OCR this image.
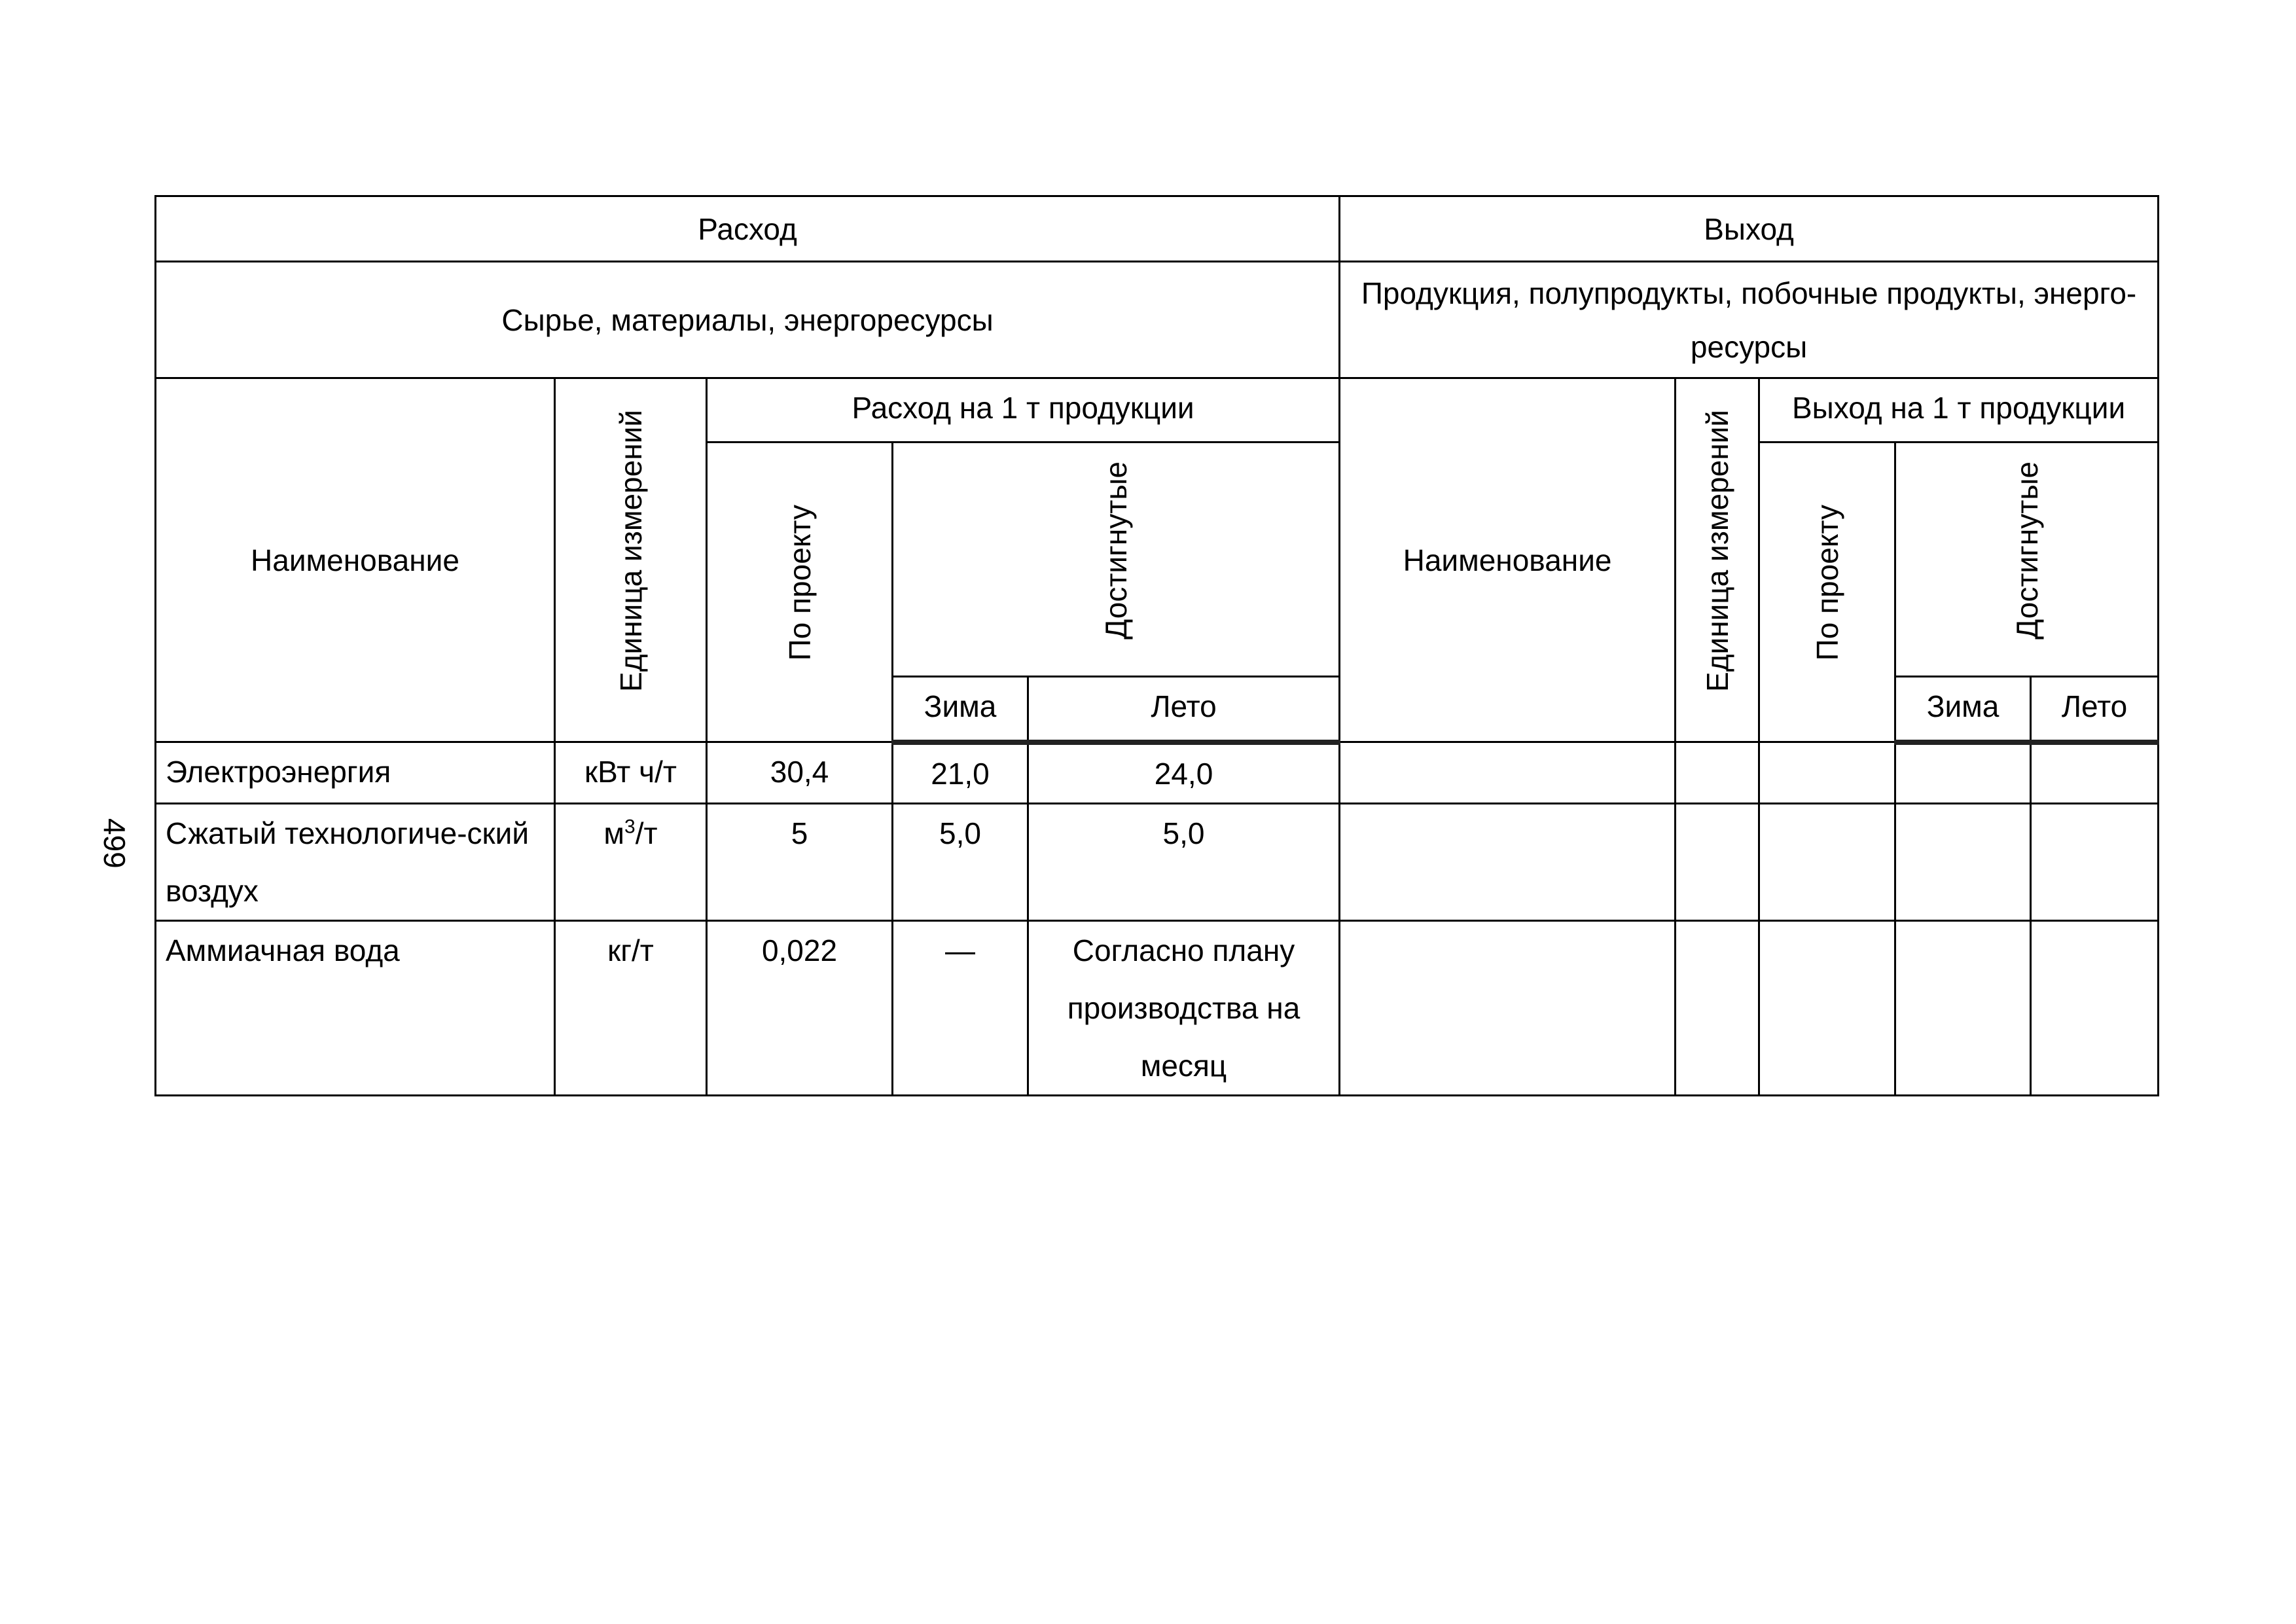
499
Расход					Выход				
Сырье, материалы, энергоресурсы					Продукция, полупродукты, побочные продукты, энерго-ресурсы				
Наименование	Единица измерений	Расход на 1 т продукции			Наименование	Единица измерений	Выход на 1 т продукции		
		По проекту	Достигнутые				По проекту	Достигнутые	
			Зима	Лето				Зима	Лето
Электроэнергия	кВт ч/т	30,4	21,0	24,0					
Сжатый технологиче-ский воздух	$м^3/т$	5	5,0	5,0					
Аммиачная вода	кг/т	0,022	—	Согласно плану производства на месяц					
